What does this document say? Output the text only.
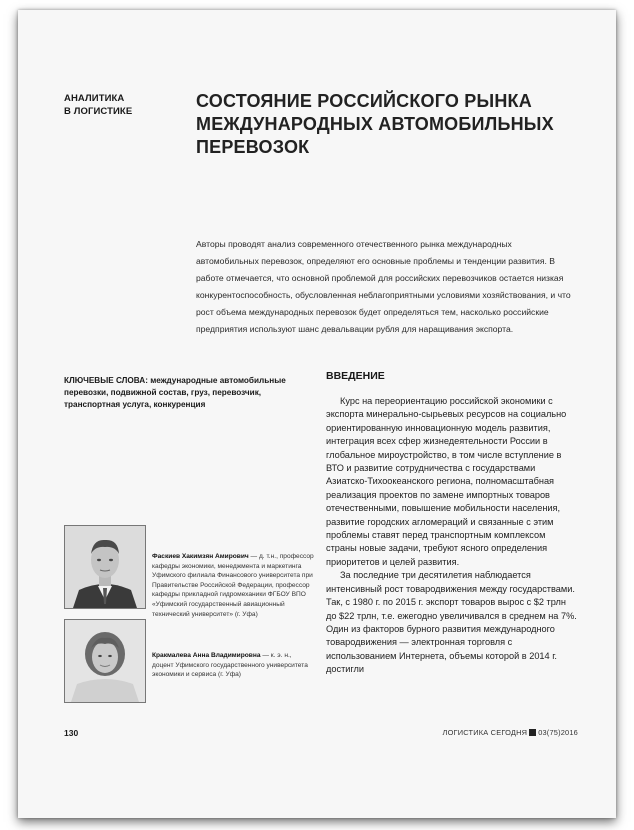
АНАЛИТИКА
В ЛОГИСТИКЕ
СОСТОЯНИЕ РОССИЙСКОГО РЫНКА МЕЖДУНАРОДНЫХ АВТОМОБИЛЬНЫХ ПЕРЕВОЗОК
Авторы проводят анализ современного отечественного рынка международных автомобильных перевозок, определяют его основные проблемы и тенденции развития. В работе отмечается, что основной проблемой для российских перевозчиков остается низкая конкурентоспособность, обусловленная неблагоприятными условиями хозяйствования, и что рост объема международных перевозок будет определяться тем, насколько российские предприятия используют шанс девальвации рубля для наращивания экспорта.
КЛЮЧЕВЫЕ СЛОВА: международные автомобильные перевозки, подвижной состав, груз, перевозчик, транспортная услуга, конкуренция
ВВЕДЕНИЕ

Курс на переориентацию российской экономики с экспорта минерально-сырьевых ресурсов на социально ориентированную инновационную модель развития, интеграция всех сфер жизнедеятельности России в глобальное мироустройство, в том числе вступление в ВТО и развитие сотрудничества с государствами Азиатско-Тихоокеанского региона, полномасштабная реализация проектов по замене импортных товаров отечественными, повышение мобильности населения, развитие городских агломераций и связанные с этим проблемы ставят перед транспортным комплексом страны новые задачи, требуют ясного определения приоритетов и целей развития.

За последние три десятилетия наблюдается интенсивный рост товародвижения между государствами. Так, с 1980 г. по 2015 г. экспорт товаров вырос с $2 трлн до $22 трлн, т.е. ежегодно увеличивался в среднем на 7%. Один из факторов бурного развития международного товародвижения — электронная торговля с использованием Интернета, объемы которой в 2014 г. достигли

Фаскиев Хакимзян Амирович — д. т.н., профессор кафедры экономики, менеджмента и маркетинга Уфимского филиала Финансового университета при Правительстве Российской Федерации, профессор кафедры прикладной гидромеханики ФГБОУ ВПО «Уфимский государственный авиационный технический университет» (г. Уфа)
Кракмалева Анна Владимировна — к. э. н., доцент Уфимского государственного университета экономики и сервиса (г. Уфа)
130	ЛОГИСТИКА СЕГОДНЯ 03(75)2016
